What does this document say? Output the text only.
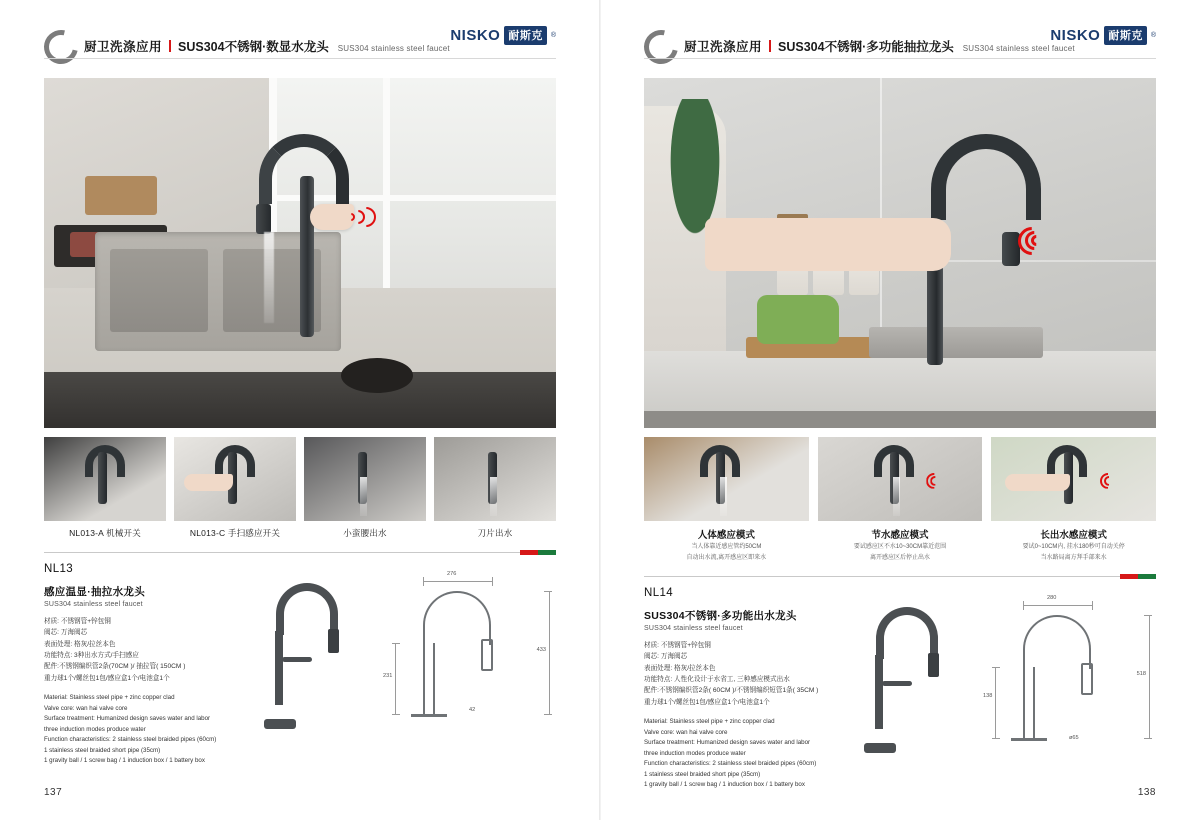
厨卫洗涤应用 SUS304不锈钢·数显水龙头 SUS304 stainless steel faucet
NISKO 耐斯克	®
NL013-A 机械开关	NL013-C 手扫感应开关	小蛮腰出水	刀片出水
NL13
感应温显·抽拉水龙头
SUS304 stainless steel faucet
材质: 不锈钢管+锌包铜
阀芯: 万海阀芯
表面处理: 格灰/拉丝本色
功能特点: 3种出水方式/手扫感应
配件:不锈钢编织管2条(70CM )/ 抽拉管( 150CM )
重力球1个/螺丝包1包/感应盒1个/电池盒1个
Material: Stainless steel pipe + zinc copper clad
Valve core: wan hai valve core
Surface treatment: Humanized design saves water and labor
three induction modes produce water
Function characteristics: 2 stainless steel braided pipes (60cm)
1 stainless steel braided short pipe (35cm)
1 gravity ball / 1 screw bag / 1 induction box / 1 battery box
276
433
231
42
137
厨卫洗涤应用 SUS304不锈钢·多功能抽拉龙头 SUS304 stainless steel faucet
NISKO 耐斯克	®
人体感应模式
当人体靠近感应管约50CM
自动出水流,离开感应区即来水
节水感应模式
要试感应区不水10~30CM靠近范围
离开感应区后停止出水
长出水感应模式
要试0~10CM内, 挂水180秒可自动关停
当水路局离方拜手部来水
NL14
SUS304不锈钢·多功能出水龙头
SUS304 stainless steel faucet
材质: 不锈钢管+锌包铜
阀芯: 万海阀芯
表面处理: 格灰/拉丝本色
功能特点: 人性化设计于水省工, 三种感应模式出水
配件:不锈钢编织管2条( 60CM )/不锈钢编织短管1条( 35CM )
重力球1个/螺丝包1包/感应盒1个/电池盒1个
Material: Stainless steel pipe + zinc copper clad
Valve core: wan hai valve core
Surface treatment: Humanized design saves water and labor
three induction modes produce water
Function characteristics: 2 stainless steel braided pipes (60cm)
1 stainless steel braided short pipe (35cm)
1 gravity ball / 1 screw bag / 1 induction box / 1 battery box
280
518
138
ø65
138
